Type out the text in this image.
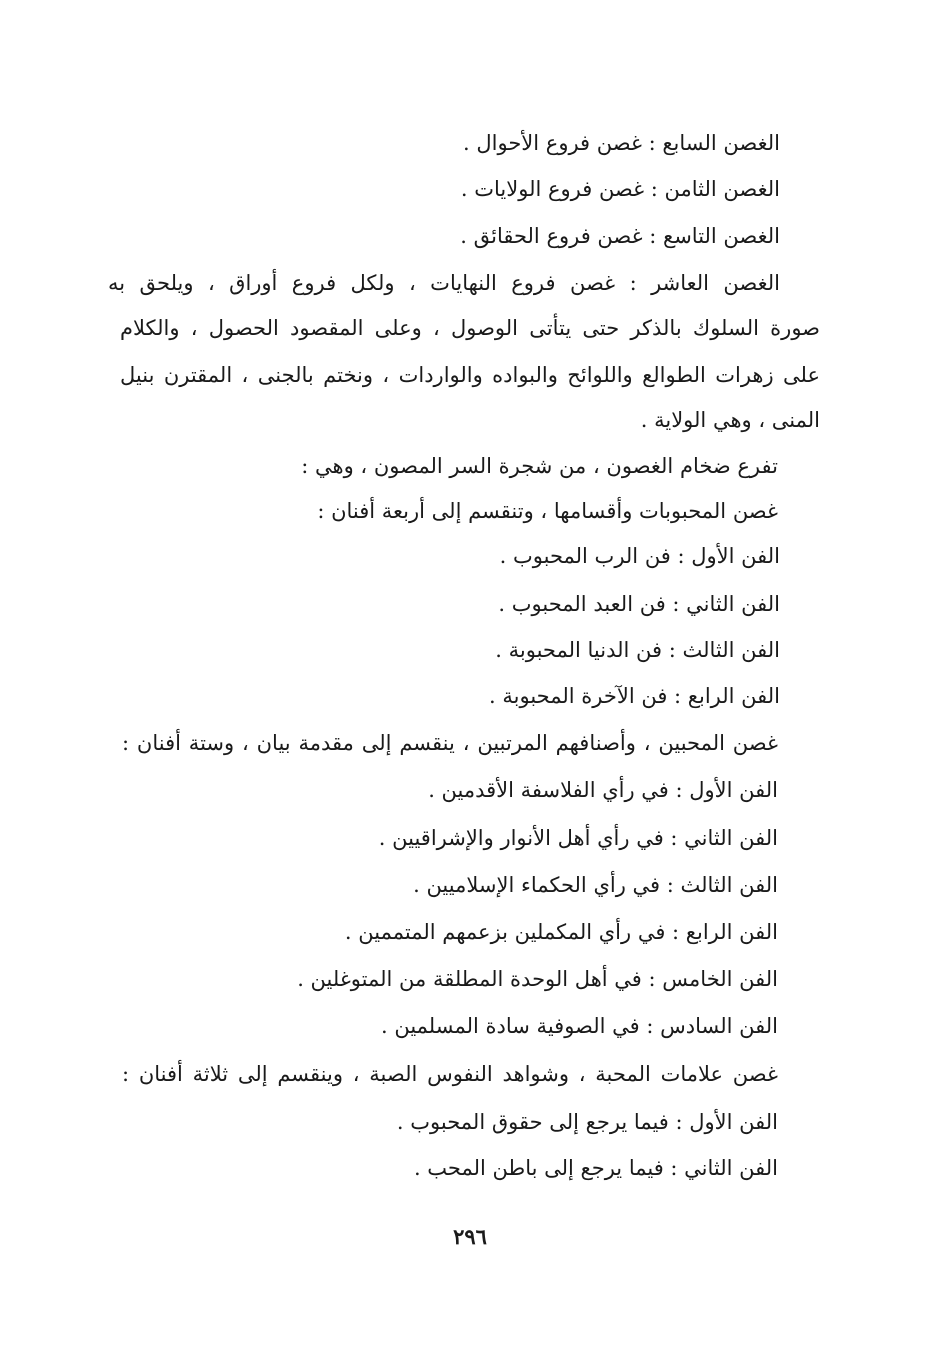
الغصن السابع : غصن فروع الأحوال .
الغصن الثامن : غصن فروع الولايات .
الغصن التاسع : غصن فروع الحقائق .
الغصن العاشر : غصن فروع النهايات ، ولكل فروع أوراق ، ويلحق به
صورة السلوك بالذكر حتى يتأتى الوصول ، وعلى المقصود الحصول ، والكلام
على زهرات الطوالع واللوائح والبواده والواردات ، ونختم بالجنى ، المقترن بنيل
المنى ، وهي الولاية .
تفرع ضخام الغصون ، من شجرة السر المصون ، وهي :
غصن المحبوبات وأقسامها ، وتنقسم إلى أربعة أفنان :
الفن الأول : فن الرب المحبوب .
الفن الثاني : فن العبد المحبوب .
الفن الثالث : فن الدنيا المحبوبة .
الفن الرابع : فن الآخرة المحبوبة .
غصن المحبين ، وأصنافهم المرتبين ، ينقسم إلى مقدمة بيان ، وستة أفنان :
الفن الأول : في رأي الفلاسفة الأقدمين .
الفن الثاني : في رأي أهل الأنوار والإشراقيين .
الفن الثالث : في رأي الحكماء الإسلاميين .
الفن الرابع : في رأي المكملين بزعمهم المتممين .
الفن الخامس : في أهل الوحدة المطلقة من المتوغلين .
الفن السادس : في الصوفية سادة المسلمين .
غصن علامات المحبة ، وشواهد النفوس الصبة ، وينقسم إلى ثلاثة أفنان :
الفن الأول : فيما يرجع إلى حقوق المحبوب .
الفن الثاني : فيما يرجع إلى باطن المحب .
٢٩٦
